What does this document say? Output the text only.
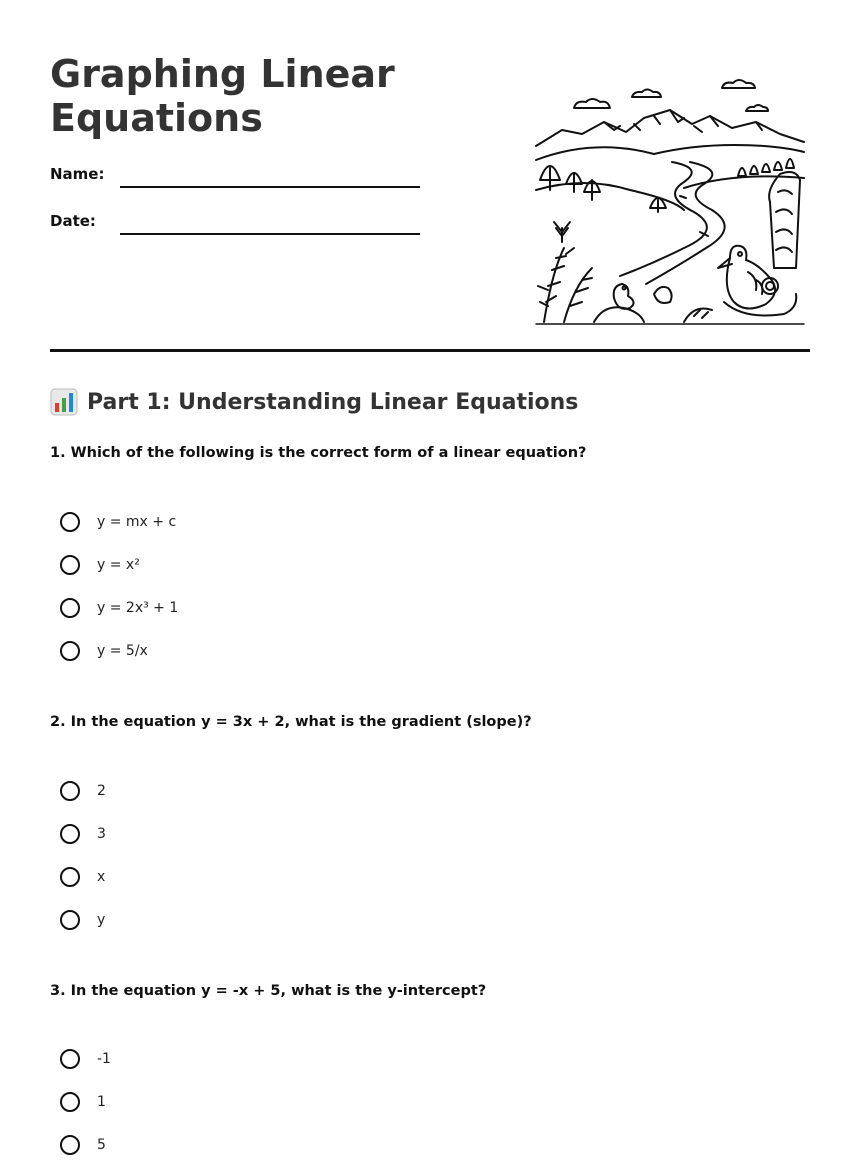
Graphing Linear
Equations
Name:
Date:
Part 1: Understanding Linear Equations

1. Which of the following is the correct form of a linear equation?

y = mx + c
y = x²
y = 2x³ + 1
y = 5/x

2. In the equation y = 3x + 2, what is the gradient (slope)?

2
3
x
y

3. In the equation y = -x + 5, what is the y-intercept?

-1
1
5
